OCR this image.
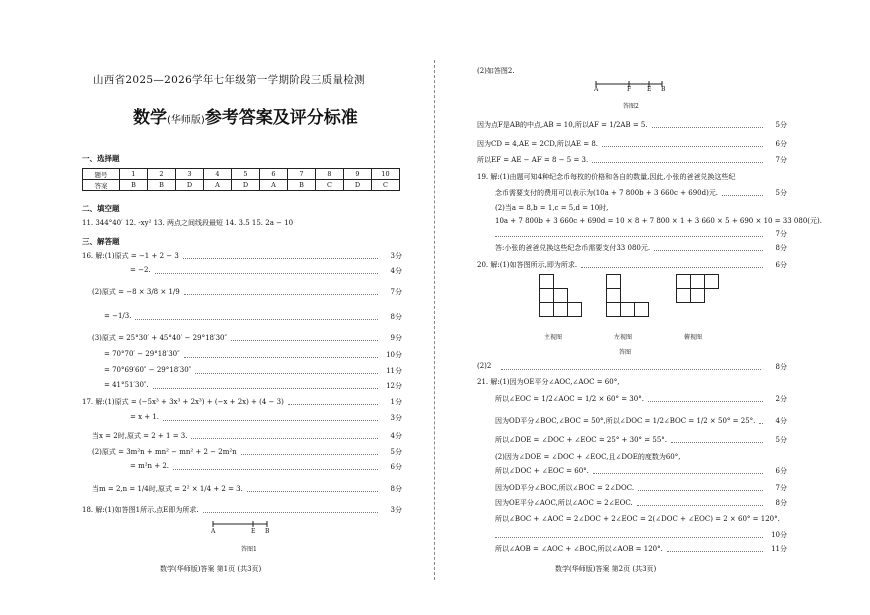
山西省2025—2026学年七年级第一学期阶段三质量检测
数学(华师版)参考答案及评分标准
一、选择题
题号	1	2	3	4	5	6	7	8	9	10
答案	B	B	D	A	D	A	B	C	D	C
二、填空题
11. 344°40′ 12. -xy² 13. 两点之间线段最短 14. 3.5 15. 2a − 10
三、解答题
16. 解:(1)原式 = −1 + 2 − 3	3分
= −2.	4分
(2)原式 = −8 × 3/8 × 1/9	7分
= −1/3.	8分
(3)原式 = 25°30′ + 45°40′ − 29°18′30″	9分
= 70°70′ − 29°18′30″	10分
= 70°69′60″ − 29°18′30″	11分
= 41°51′30″.	12分
17. 解:(1)原式 = (−5x³ + 3x³ + 2x³) + (−x + 2x) + (4 − 3)	1分
= x + 1.	3分
当x = 2时,原式 = 2 + 1 = 3.	4分
(2)原式 = 3m²n + mn² − mn² + 2 − 2m²n	5分
= m²n + 2.	6分
当m = 2,n = 1/4时,原式 = 2² × 1/4 + 2 = 3.	8分
18. 解:(1)如答图1所示,点E即为所求.	3分
A	E B
答图1
数学(华师版)答案 第1页 (共3页)
(2)如答图2.
A	F	E B
答图2
因为点F是AB的中点,AB = 10,所以AF = 1/2AB = 5.	5分
因为CD = 4,AE = 2CD,所以AE = 8.	6分
所以EF = AE − AF = 8 − 5 = 3.	7分
19. 解:(1)由题可知4种纪念币每枚的价格和各自的数量,因此,小张的爸爸兑换这些纪
念币需要支付的费用可以表示为(10a + 7 800b + 3 660c + 690d)元.	5分
(2)当a = 8,b = 1,c = 5,d = 10时,
10a + 7 800b + 3 660c + 690d = 10 × 8 + 7 800 × 1 + 3 660 × 5 + 690 × 10 = 33 080(元).
7分
答:小张的爸爸兑换这些纪念币需要支付33 080元.	8分
20. 解:(1)如答图所示,即为所求.	6分
主视图	左视图	俯视图
答图
(2)2	8分
21. 解:(1)因为OE平分∠AOC,∠AOC = 60°,
所以∠EOC = 1/2∠AOC = 1/2 × 60° = 30°.	2分
因为OD平分∠BOC,∠BOC = 50°,所以∠DOC = 1/2∠BOC = 1/2 × 50° = 25°.	4分
所以∠DOE = ∠DOC + ∠EOC = 25° + 30° = 55°.	5分
(2)因为∠DOE = ∠DOC + ∠EOC,且∠DOE的度数为60°,
所以∠DOC + ∠EOC = 60°.	6分
因为OD平分∠BOC,所以∠BOC = 2∠DOC.	7分
因为OE平分∠AOC,所以∠AOC = 2∠EOC.	8分
所以∠BOC + ∠AOC = 2∠DOC + 2∠EOC = 2(∠DOC + ∠EOC) = 2 × 60° = 120°.
10分
所以∠AOB = ∠AOC + ∠BOC,所以∠AOB = 120°.	11分
数学(华师版)答案 第2页 (共3页)
